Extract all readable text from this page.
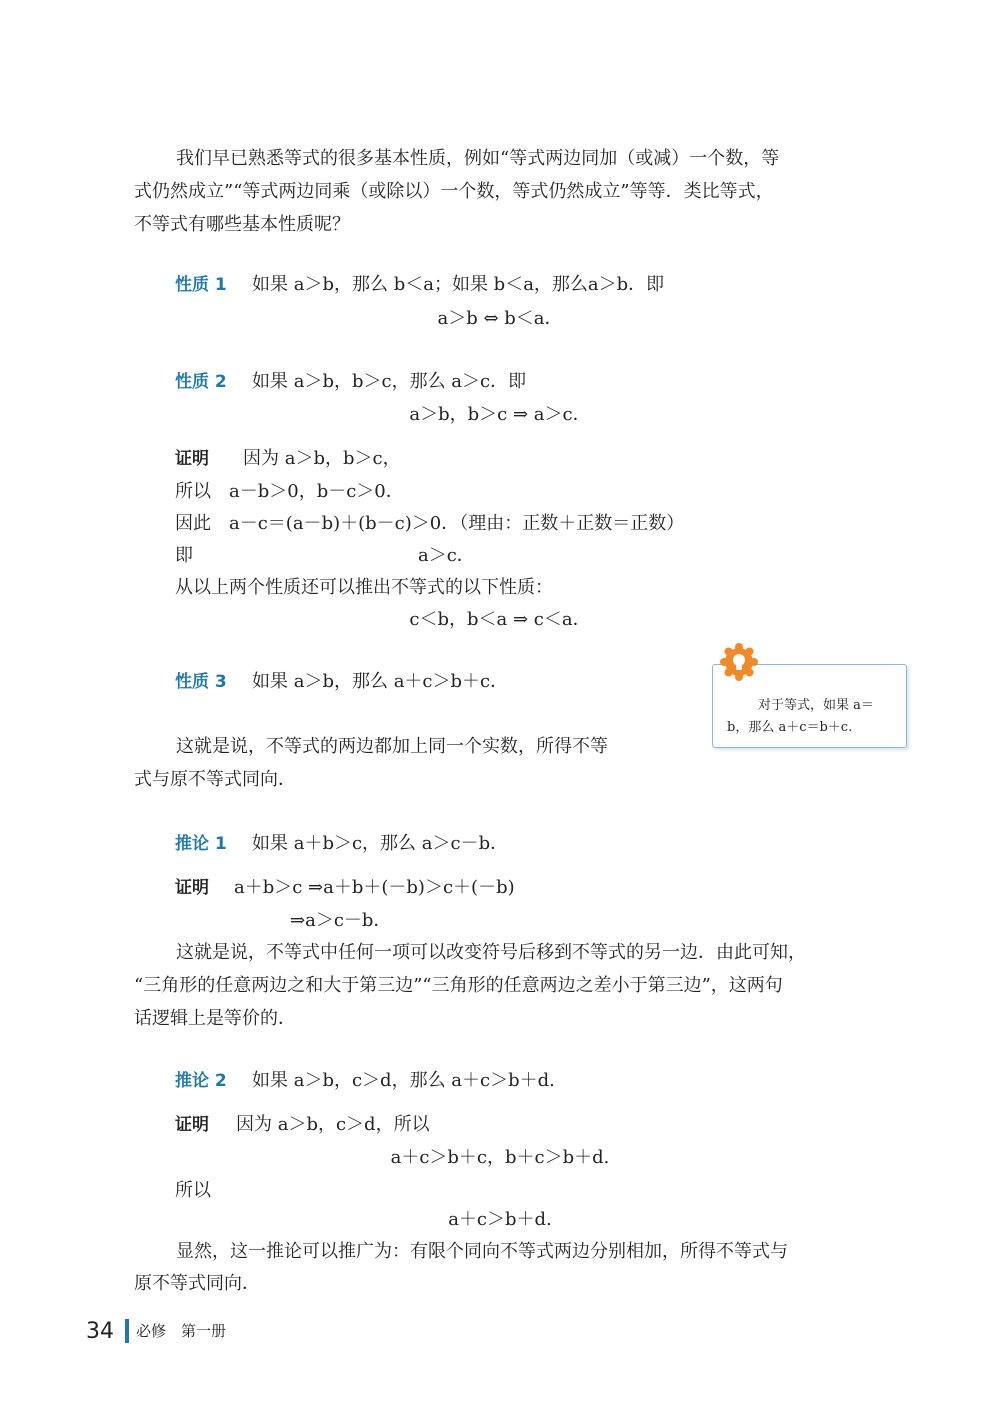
我们早已熟悉等式的很多基本性质，例如“等式两边同加（或减）一个数，等
式仍然成立”“等式两边同乘（或除以）一个数，等式仍然成立”等等．类比等式，
不等式有哪些基本性质呢？
性质 1 如果 a＞b，那么 b＜a；如果 b＜a，那么a＞b．即
a＞b ⇔ b＜a．
性质 2 如果 a＞b，b＞c，那么 a＞c．即
a＞b，b＞c ⇒ a＞c．
证明 因为 a＞b，b＞c，
所以　a－b＞0，b－c＞0．
因此　a－c＝(a－b)＋(b－c)＞0．（理由：正数＋正数＝正数）
即	a＞c．
从以上两个性质还可以推出不等式的以下性质：
c＜b，b＜a ⇒ c＜a．
性质 3 如果 a＞b，那么 a＋c＞b＋c．
这就是说，不等式的两边都加上同一个实数，所得不等
式与原不等式同向．
对于等式，如果 a＝
b，那么 a＋c＝b＋c.
推论 1 如果 a＋b＞c，那么 a＞c－b．
证明 a＋b＞c ⇒a＋b＋(－b)＞c＋(－b)
⇒a＞c－b．
这就是说，不等式中任何一项可以改变符号后移到不等式的另一边．由此可知，
“三角形的任意两边之和大于第三边”“三角形的任意两边之差小于第三边”，这两句
话逻辑上是等价的．
推论 2 如果 a＞b，c＞d，那么 a＋c＞b＋d.
证明 因为 a＞b，c＞d，所以
a＋c＞b＋c，b＋c＞b＋d.
所以
a＋c＞b＋d.
显然，这一推论可以推广为：有限个同向不等式两边分别相加，所得不等式与
原不等式同向．
34 必修　第一册
